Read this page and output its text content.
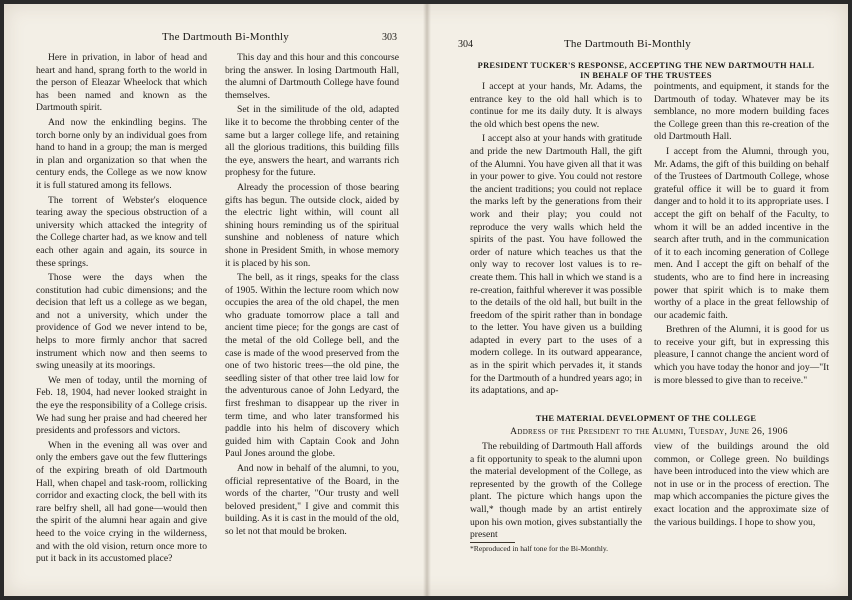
The Dartmouth Bi-Monthly	303

Here in privation, in labor of head and heart and hand, sprang forth to the world in the person of Eleazar Wheelock that which has been named and known as the Dartmouth spirit.

And now the enkindling begins. The torch borne only by an individual goes from hand to hand in a group; the man is merged in plan and organization so that when the century ends, the College as we now know it is full statured among its fellows.

The torrent of Webster's eloquence tearing away the specious obstruction of a university which attacked the integrity of the College charter had, as we know and tell each other again and again, its source in these springs.

Those were the days when the constitution had cubic dimensions; and the decision that left us a college as we began, and not a university, which under the providence of God we never intend to be, helps to more firmly anchor that sacred instrument which now and then seems to swing uneasily at its moorings.

We men of today, until the morning of Feb. 18, 1904, had never looked straight in the eye the responsibility of a College crisis. We had sung her praise and had cheered her presidents and professors and victors.

When in the evening all was over and only the embers gave out the few flutterings of the expiring breath of old Dartmouth Hall, when chapel and task-room, rollicking corridor and exacting clock, the bell with its rare belfry shell, all had gone—would then the spirit of the alumni hear again and give heed to the voice crying in the wilderness, and with the old vision, return once more to put it back in its accustomed place?

This day and this hour and this concourse bring the answer. In losing Dartmouth Hall, the alumni of Dartmouth College have found themselves.

Set in the similitude of the old, adapted like it to become the throbbing center of the same but a larger college life, and retaining all the glorious traditions, this building fills the eye, answers the heart, and warrants rich prophesy for the future.

Already the procession of those bearing gifts has begun. The outside clock, aided by the electric light within, will count all shining hours reminding us of the spiritual sunshine and nobleness of nature which shone in President Smith, in whose memory it is placed by his son.

The bell, as it rings, speaks for the class of 1905. Within the lecture room which now occupies the area of the old chapel, the men who graduate tomorrow place a tall and ancient time piece; for the gongs are cast of the metal of the old College bell, and the case is made of the wood preserved from the one of two historic trees—the old pine, the seedling sister of that other tree laid low for the adventurous canoe of John Ledyard, the first freshman to disappear up the river in term time, and who later transformed his paddle into his helm of discovery which guided him with Captain Cook and John Paul Jones around the globe.

And now in behalf of the alumni, to you, official representative of the Board, in the words of the charter, "Our trusty and well beloved president," I give and commit this building. As it is cast in the mould of the old, so let not that mould be broken.

304	The Dartmouth Bi-Monthly
PRESIDENT TUCKER'S RESPONSE, ACCEPTING THE NEW DARTMOUTH HALL IN BEHALF OF THE TRUSTEES

I accept at your hands, Mr. Adams, the entrance key to the old hall which is to continue for me its daily duty. It is always the old which best opens the new.

I accept also at your hands with gratitude and pride the new Dartmouth Hall, the gift of the Alumni. You have given all that it was in your power to give. You could not restore the ancient traditions; you could not replace the marks left by the generations from their work and their play; you could not reproduce the very walls which held the spirits of the past. You have followed the order of nature which teaches us that the only way to recover lost values is to re-create them. This hall in which we stand is a re-creation, faithful wherever it was possible to the details of the old hall, but built in the freedom of the spirit rather than in bondage to the letter. You have given us a building adapted in every part to the uses of a modern college. In its outward appearance, as in the spirit which pervades it, it stands for the Dartmouth of a hundred years ago; in its adaptations, and ap-

pointments, and equipment, it stands for the Dartmouth of today. Whatever may be its semblance, no more modern building faces the College green than this re-creation of the old Dartmouth Hall.

I accept from the Alumni, through you, Mr. Adams, the gift of this building on behalf of the Trustees of Dartmouth College, whose grateful office it will be to guard it from danger and to hold it to its appropriate uses. I accept the gift on behalf of the Faculty, to whom it will be an added incentive in the search after truth, and in the communication of it to each incoming generation of College men. And I accept the gift on behalf of the students, who are to find here in increasing power that spirit which is to make them worthy of a place in the great fellowship of our academic faith.

Brethren of the Alumni, it is good for us to receive your gift, but in expressing this pleasure, I cannot change the ancient word of which you have today the honor and joy—"It is more blessed to give than to receive."

THE MATERIAL DEVELOPMENT OF THE COLLEGE
Address of the President to the Alumni, Tuesday, June 26, 1906

The rebuilding of Dartmouth Hall affords a fit opportunity to speak to the alumni upon the material development of the College, as represented by the growth of the College plant. The picture which hangs upon the wall,* though made by an artist entirely upon his own motion, gives substantially the present

view of the buildings around the old common, or College green. No buildings have been introduced into the view which are not in use or in the process of erection. The map which accompanies the picture gives the exact location and the approximate size of the various buildings. I hope to show you,

*Reproduced in half tone for the Bi-Monthly.
